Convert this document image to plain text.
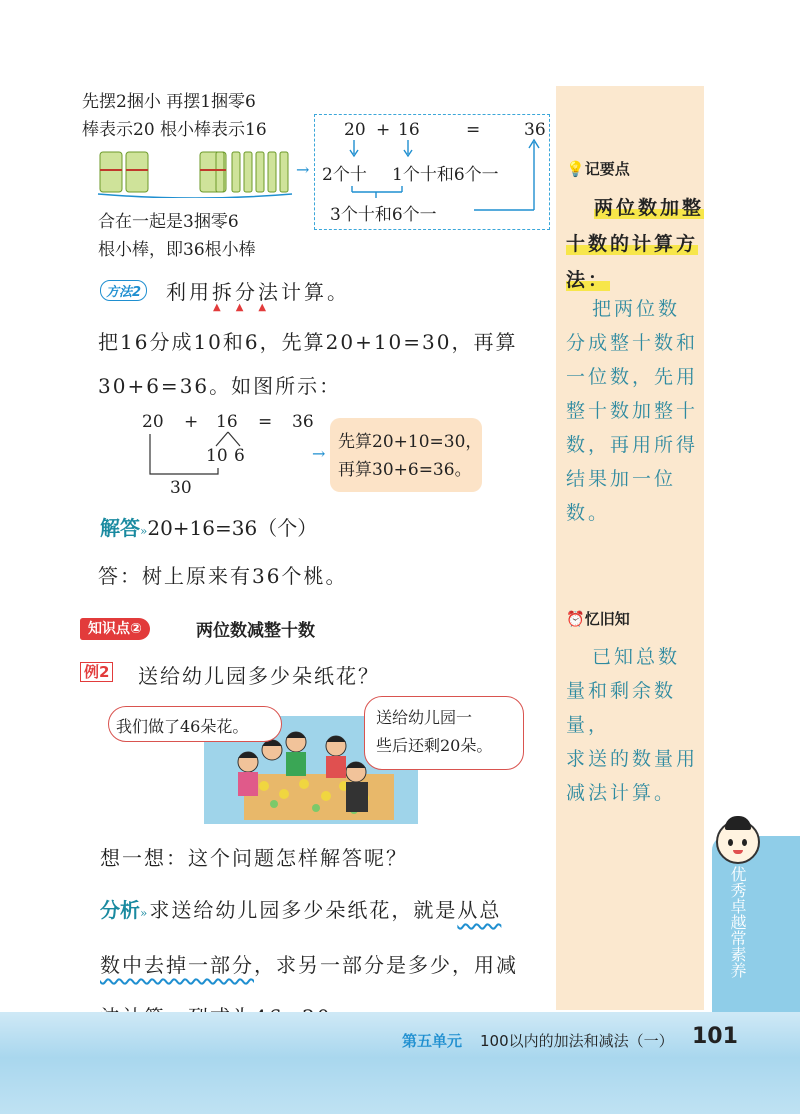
💡记要点
两位数加整
十数的计算方
法：
把两位数
分成整十数和
一位数，先用
整十数加整十
数，再用所得
结果加一位数。
⏰忆旧知
已知总数
量和剩余数量，
求送的数量用
减法计算。
优秀卓越常素养
先摆2捆小 再摆1捆零6
棒表示20 根小棒表示16
→
合在一起是3捆零6
根小棒，即36根小棒
20 + 16	=	36
2个十 1个十和6个一
3个十和6个一
方法2	利用拆分法计算。
▲▲▲
把16分成10和6，先算20+10=30，再算
30+6=36。如图所示：
20 + 16 = 36
10 6
30
→
先算20+10=30，
再算30+6=36。
解答»20+16=36（个）
答：树上原来有36个桃。
知识点②	两位数减整十数
例2 送给幼儿园多少朵纸花？
我们做了46朵花。	送给幼儿园一
些后还剩20朵。
想一想：这个问题怎样解答呢？
分析»求送给幼儿园多少朵纸花，就是从总
数中去掉一部分，求另一部分是多少，用减
第五单元 100以内的加法和减法（一） 101
